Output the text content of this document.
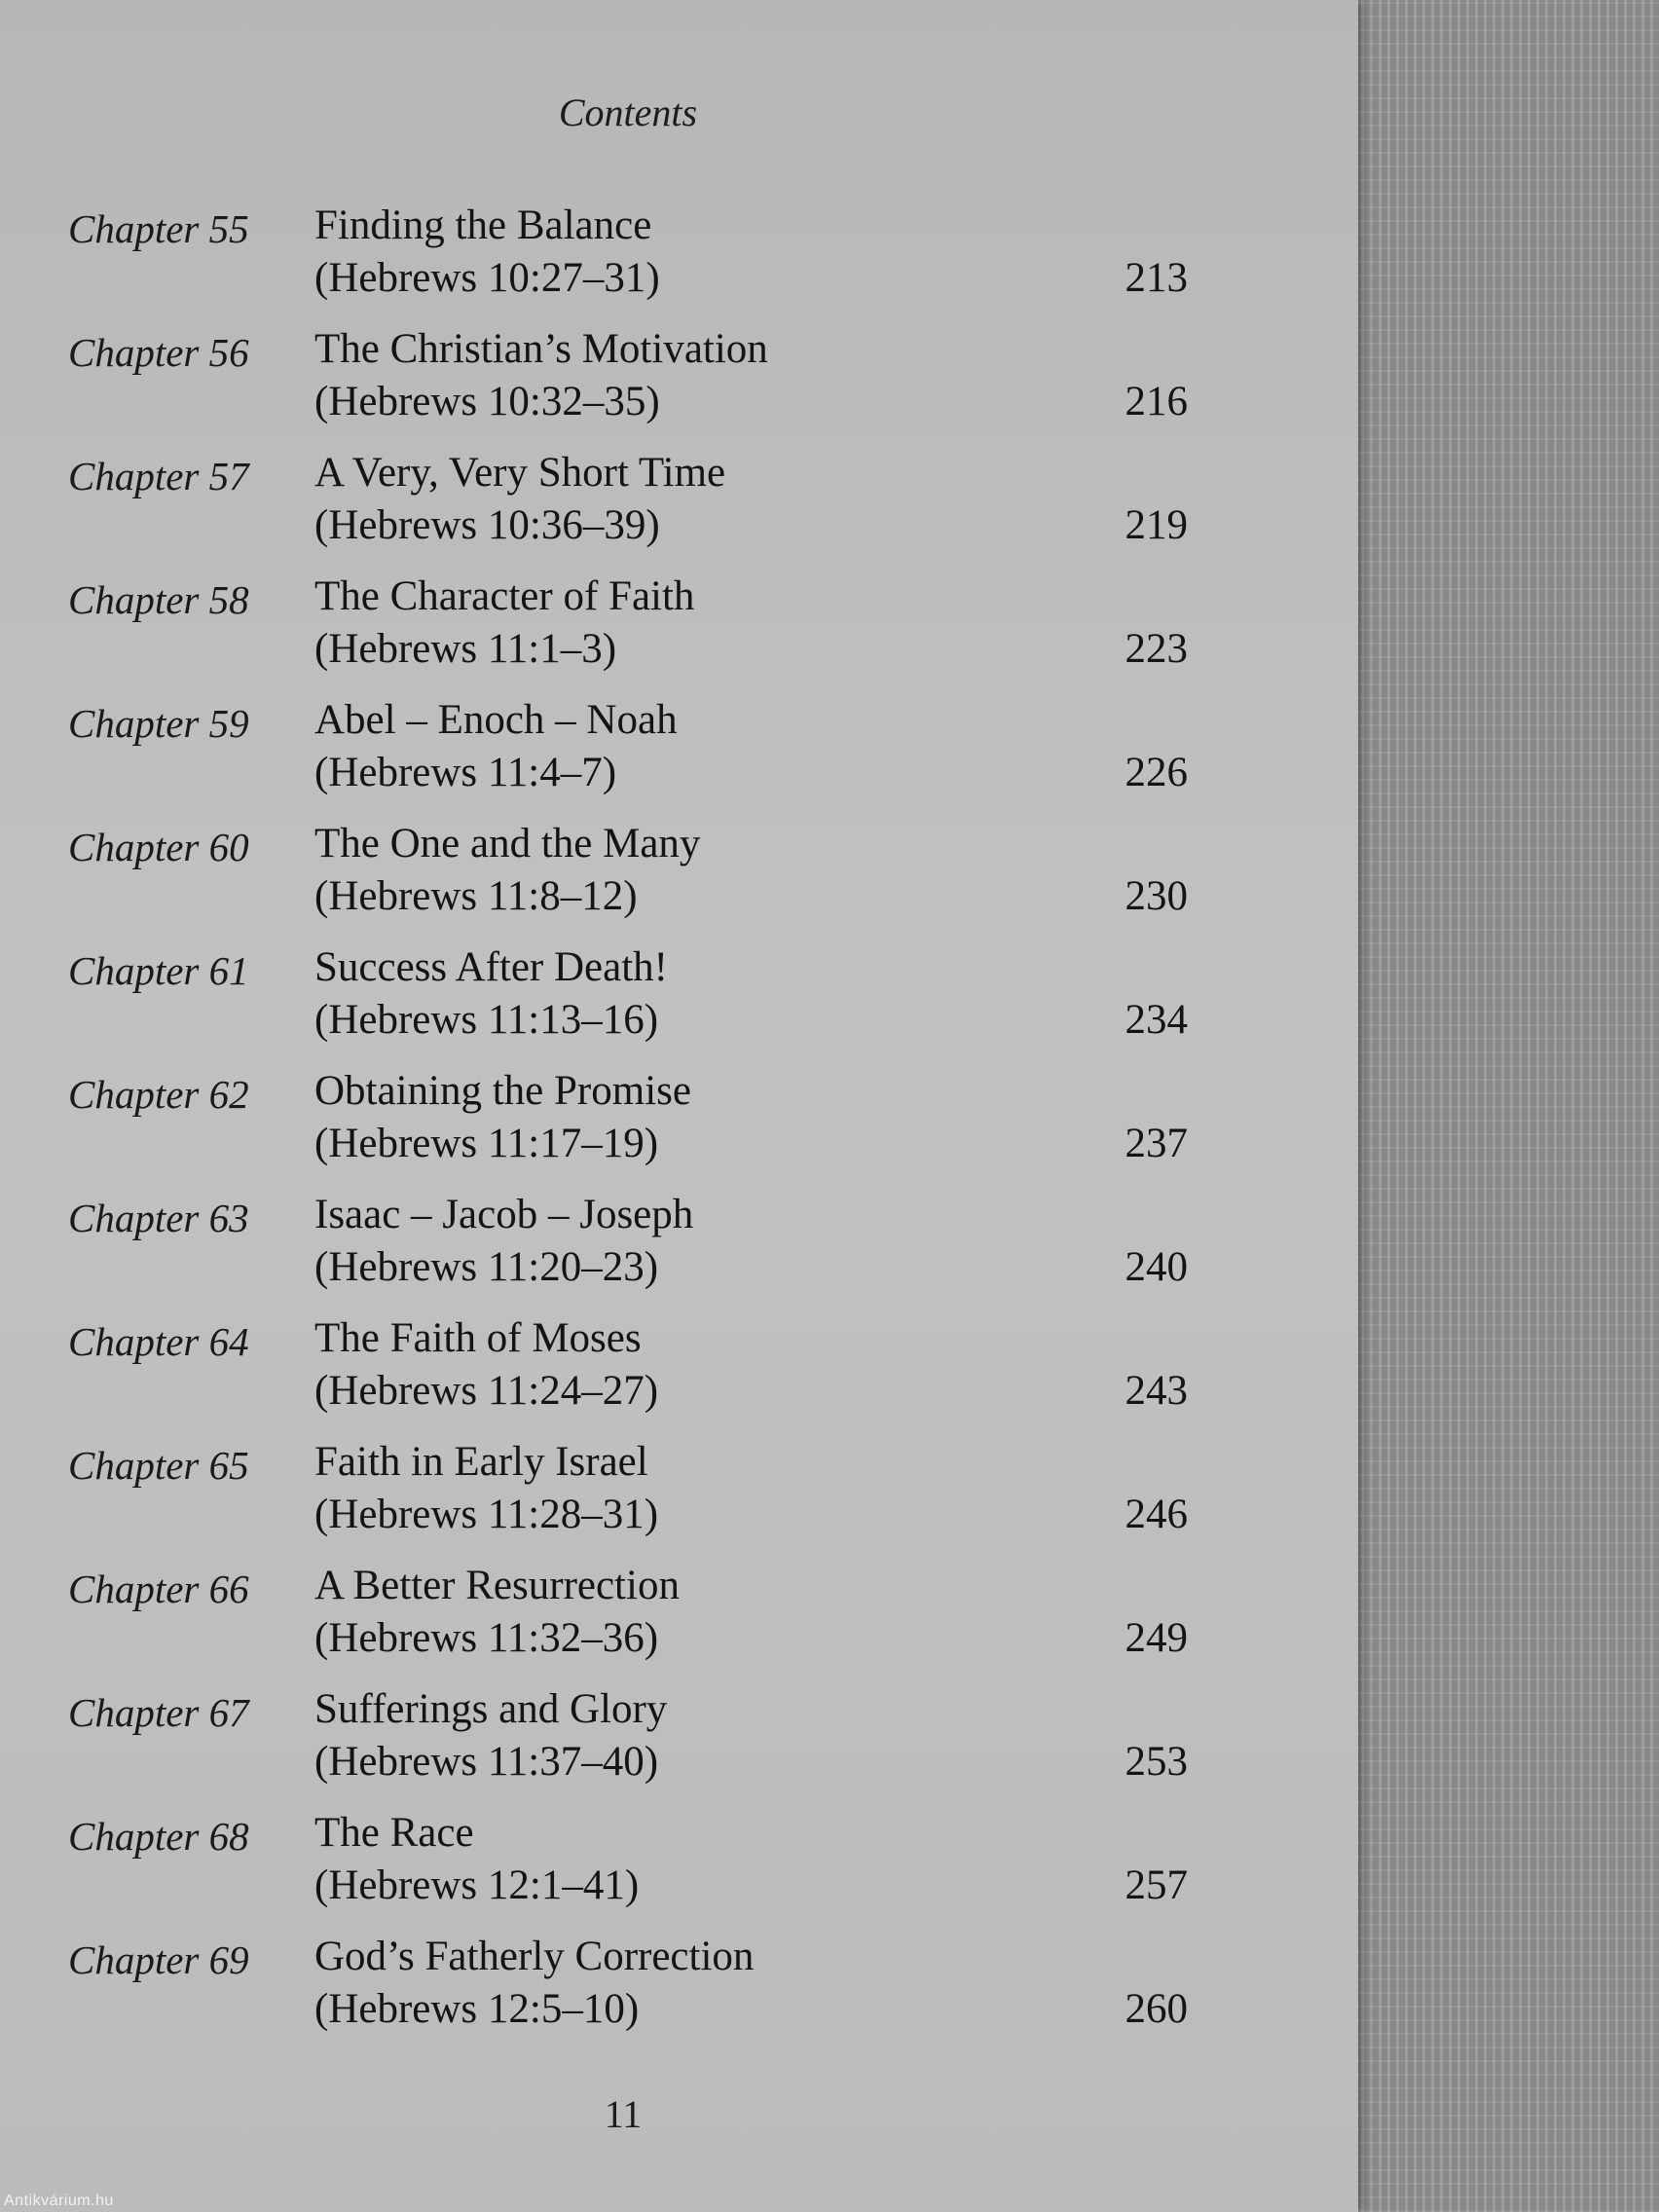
Contents
Chapter 55 Finding the Balance
(Hebrews 10:27–31)	213
Chapter 56 The Christian’s Motivation
(Hebrews 10:32–35)	216
Chapter 57 A Very, Very Short Time
(Hebrews 10:36–39)	219
Chapter 58 The Character of Faith
(Hebrews 11:1–3)	223
Chapter 59 Abel – Enoch – Noah
(Hebrews 11:4–7)	226
Chapter 60 The One and the Many
(Hebrews 11:8–12)	230
Chapter 61 Success After Death!
(Hebrews 11:13–16)	234
Chapter 62 Obtaining the Promise
(Hebrews 11:17–19)	237
Chapter 63 Isaac – Jacob – Joseph
(Hebrews 11:20–23)	240
Chapter 64 The Faith of Moses
(Hebrews 11:24–27)	243
Chapter 65 Faith in Early Israel
(Hebrews 11:28–31)	246
Chapter 66 A Better Resurrection
(Hebrews 11:32–36)	249
Chapter 67 Sufferings and Glory
(Hebrews 11:37–40)	253
Chapter 68 The Race
(Hebrews 12:1–41)	257
Chapter 69 God’s Fatherly Correction
(Hebrews 12:5–10)	260
11
Antikvárium.hu
